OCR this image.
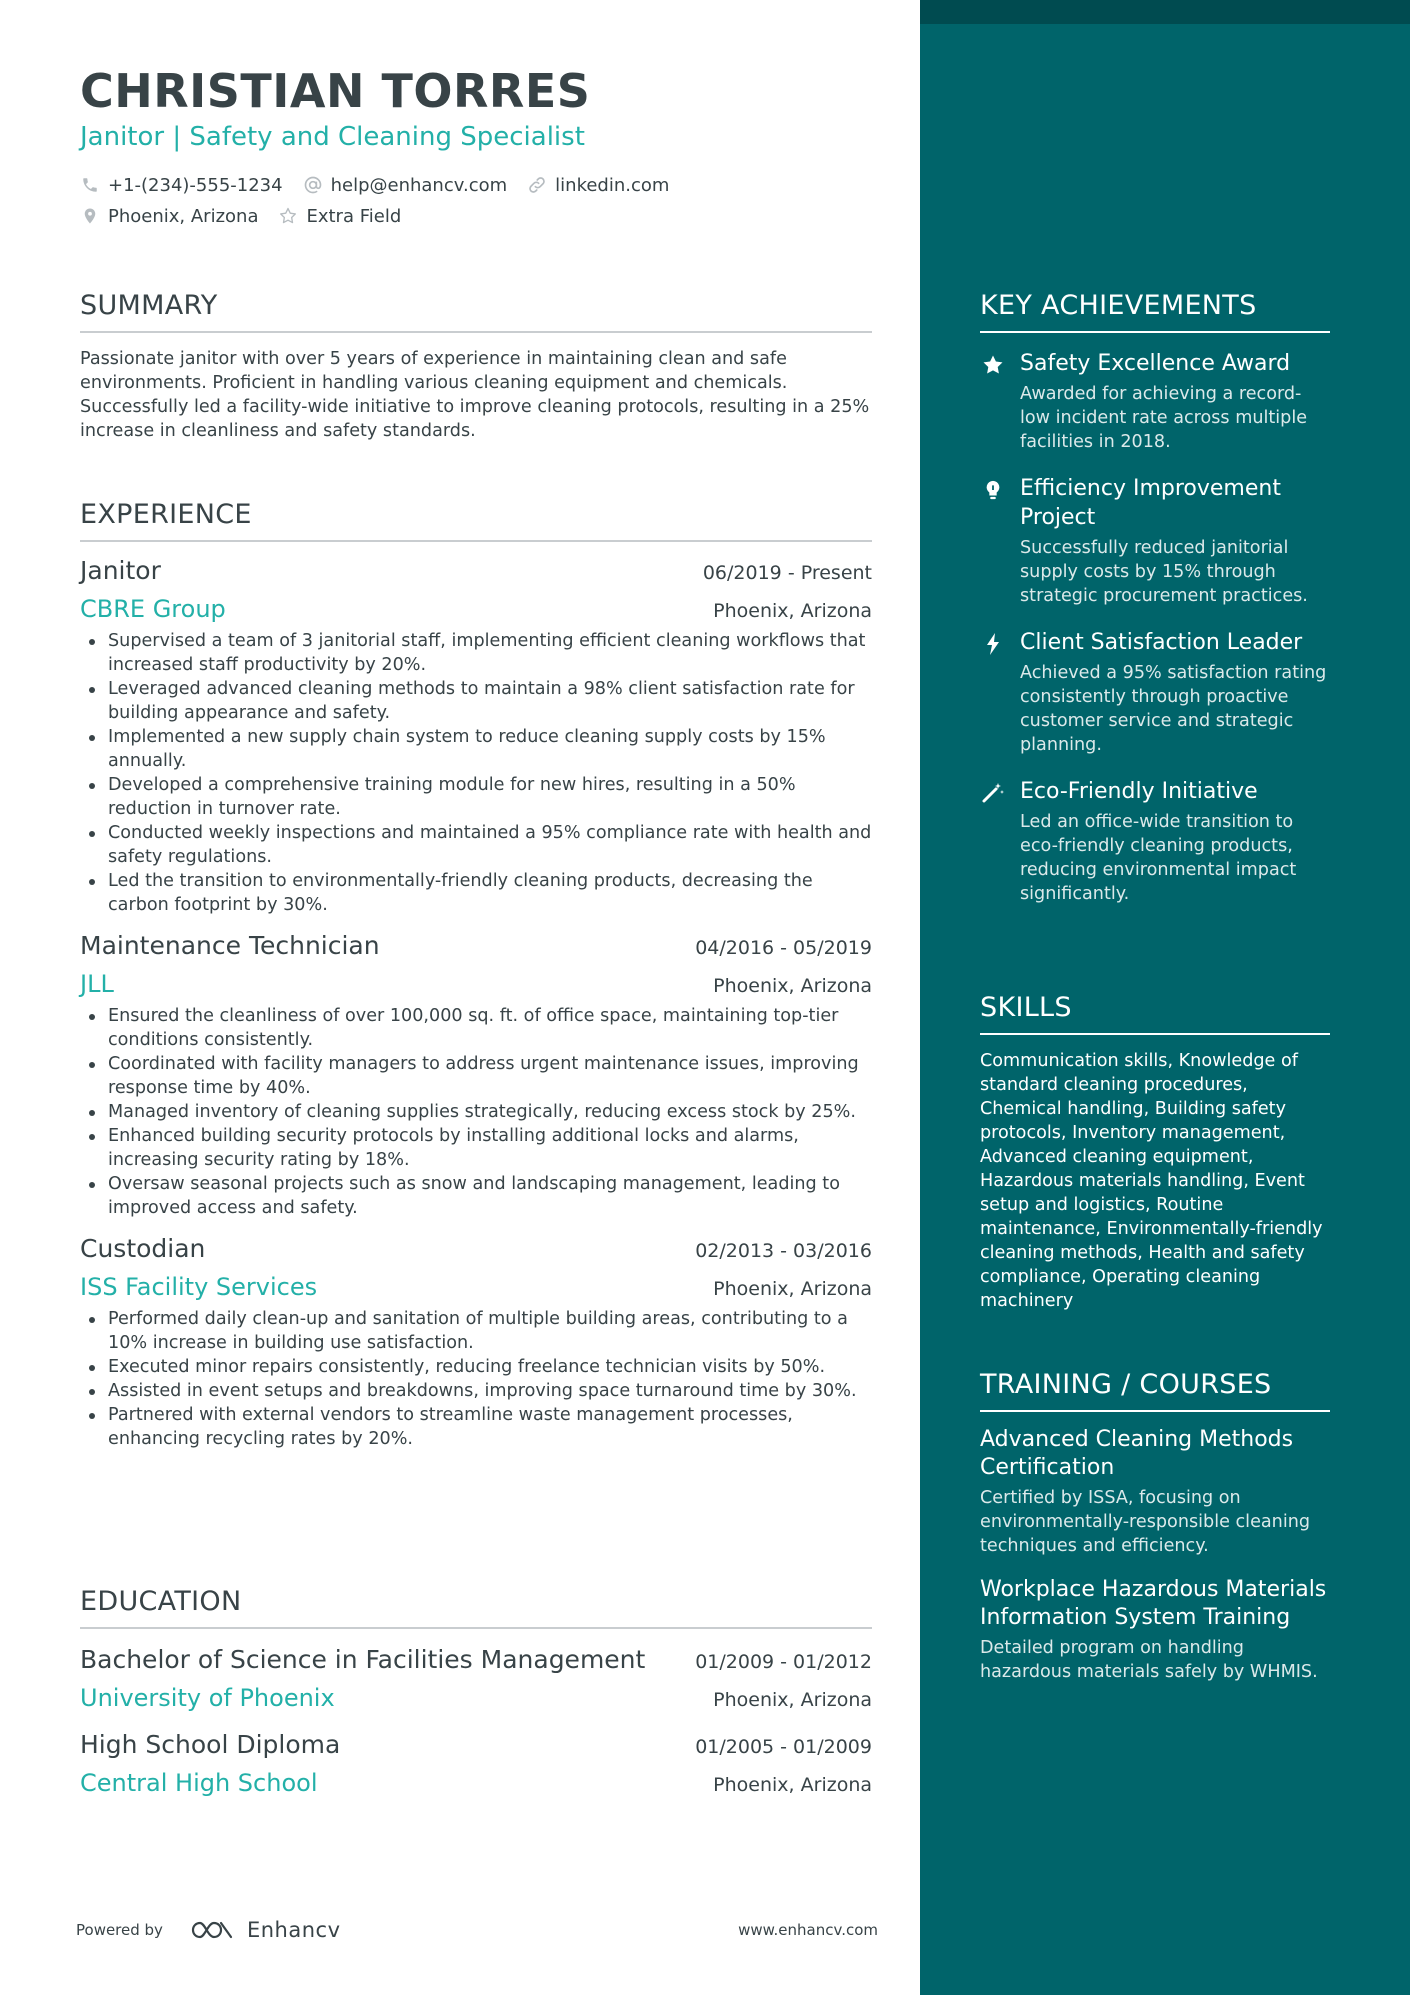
CHRISTIAN TORRES
Janitor | Safety and Cleaning Specialist
+1-(234)-555-1234	help@enhancv.com	linkedin.com
Phoenix, Arizona	Extra Field
SUMMARY
Passionate janitor with over 5 years of experience in maintaining clean and safe environments. Proficient in handling various cleaning equipment and chemicals. Successfully led a facility-wide initiative to improve cleaning protocols, resulting in a 25% increase in cleanliness and safety standards.
EXPERIENCE
Janitor	06/2019 - Present
CBRE Group	Phoenix, Arizona
Supervised a team of 3 janitorial staff, implementing efficient cleaning workflows that increased staff productivity by 20%.
Leveraged advanced cleaning methods to maintain a 98% client satisfaction rate for building appearance and safety.
Implemented a new supply chain system to reduce cleaning supply costs by 15% annually.
Developed a comprehensive training module for new hires, resulting in a 50% reduction in turnover rate.
Conducted weekly inspections and maintained a 95% compliance rate with health and safety regulations.
Led the transition to environmentally-friendly cleaning products, decreasing the carbon footprint by 30%.
Maintenance Technician	04/2016 - 05/2019
JLL	Phoenix, Arizona
Ensured the cleanliness of over 100,000 sq. ft. of office space, maintaining top-tier conditions consistently.
Coordinated with facility managers to address urgent maintenance issues, improving response time by 40%.
Managed inventory of cleaning supplies strategically, reducing excess stock by 25%.
Enhanced building security protocols by installing additional locks and alarms, increasing security rating by 18%.
Oversaw seasonal projects such as snow and landscaping management, leading to improved access and safety.
Custodian	02/2013 - 03/2016
ISS Facility Services	Phoenix, Arizona
Performed daily clean-up and sanitation of multiple building areas, contributing to a 10% increase in building use satisfaction.
Executed minor repairs consistently, reducing freelance technician visits by 50%.
Assisted in event setups and breakdowns, improving space turnaround time by 30%.
Partnered with external vendors to streamline waste management processes, enhancing recycling rates by 20%.
EDUCATION
Bachelor of Science in Facilities Management	01/2009 - 01/2012
University of Phoenix	Phoenix, Arizona
High School Diploma	01/2005 - 01/2009
Central High School	Phoenix, Arizona
Powered by	Enhancv	www.enhancv.com
KEY ACHIEVEMENTS
Safety Excellence Award
Awarded for achieving a record-low incident rate across multiple facilities in 2018.
Efficiency Improvement Project
Successfully reduced janitorial supply costs by 15% through strategic procurement practices.
Client Satisfaction Leader
Achieved a 95% satisfaction rating consistently through proactive customer service and strategic planning.
Eco-Friendly Initiative
Led an office-wide transition to eco-friendly cleaning products, reducing environmental impact significantly.
SKILLS
Communication skills, Knowledge of standard cleaning procedures, Chemical handling, Building safety protocols, Inventory management, Advanced cleaning equipment, Hazardous materials handling, Event setup and logistics, Routine maintenance, Environmentally-friendly cleaning methods, Health and safety compliance, Operating cleaning machinery
TRAINING / COURSES
Advanced Cleaning Methods Certification
Certified by ISSA, focusing on environmentally-responsible cleaning techniques and efficiency.
Workplace Hazardous Materials Information System Training
Detailed program on handling hazardous materials safely by WHMIS.
